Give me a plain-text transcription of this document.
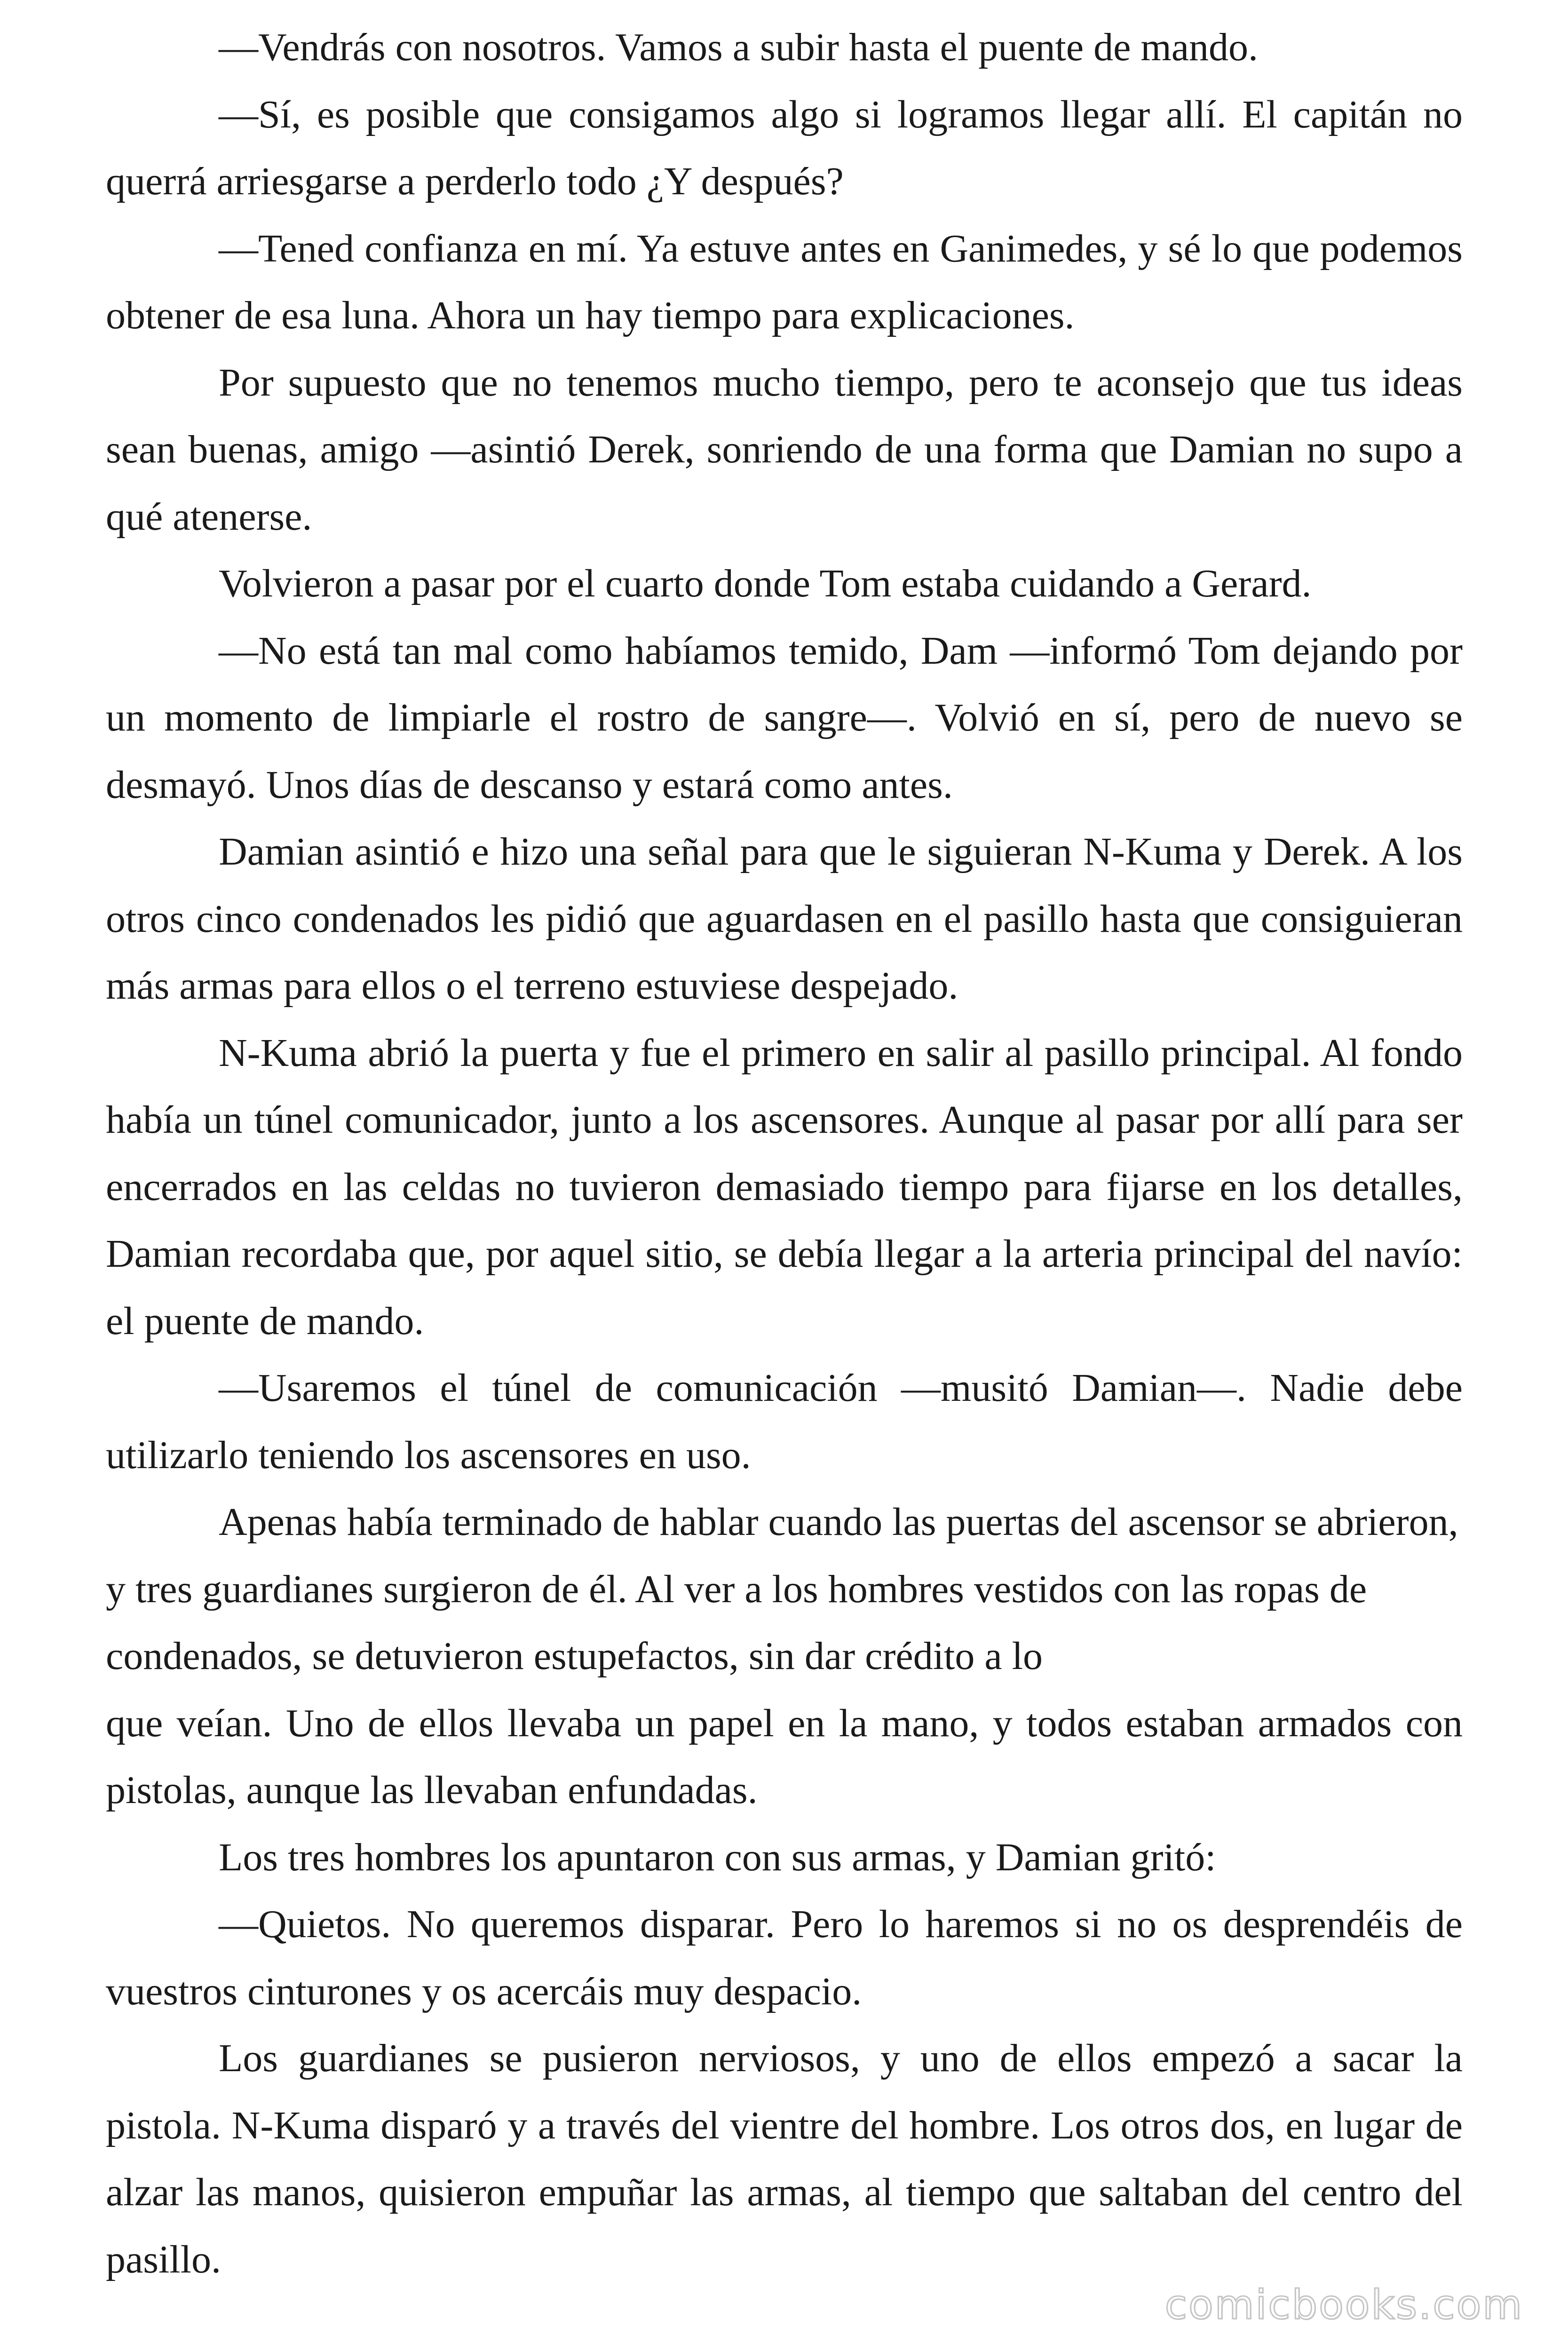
—Vendrás con nosotros. Vamos a subir hasta el puente de mando.

—Sí, es posible que consigamos algo si logramos llegar allí. El capitán no querrá arriesgarse a perderlo todo ¿Y después?

—Tened confianza en mí. Ya estuve antes en Ganimedes, y sé lo que podemos obtener de esa luna. Ahora un hay tiempo para explicaciones.

Por supuesto que no tenemos mucho tiempo, pero te aconsejo que tus ideas sean buenas, amigo —asintió Derek, sonriendo de una forma que Damian no supo a qué atenerse.

Volvieron a pasar por el cuarto donde Tom estaba cuidando a Gerard.

—No está tan mal como habíamos temido, Dam —informó Tom dejando por un momento de limpiarle el rostro de sangre—. Volvió en sí, pero de nuevo se desmayó. Unos días de descanso y estará como antes.

Damian asintió e hizo una señal para que le siguieran N-Kuma y Derek. A los otros cinco condenados les pidió que aguardasen en el pasillo hasta que consiguieran más armas para ellos o el terreno estuviese despejado.

N-Kuma abrió la puerta y fue el primero en salir al pasillo principal. Al fondo había un túnel comunicador, junto a los ascensores. Aunque al pasar por allí para ser encerrados en las celdas no tuvieron demasiado tiempo para fijarse en los detalles, Damian recordaba que, por aquel sitio, se debía llegar a la arteria principal del navío: el puente de mando.

—Usaremos el túnel de comunicación —musitó Damian—. Nadie debe utilizarlo teniendo los ascensores en uso.

Apenas había terminado de hablar cuando las puertas del ascensor se abrieron, y tres guardianes surgieron de él. Al ver a los hombres vestidos con las ropas de condenados, se detuvieron estupefactos, sin dar crédito a lo

que veían. Uno de ellos llevaba un papel en la mano, y todos estaban armados con pistolas, aunque las llevaban enfundadas.

Los tres hombres los apuntaron con sus armas, y Damian gritó:

—Quietos. No queremos disparar. Pero lo haremos si no os desprendéis de vuestros cinturones y os acercáis muy despacio.

Los guardianes se pusieron nerviosos, y uno de ellos empezó a sacar la pistola. N-Kuma disparó y a través del vientre del hombre. Los otros dos, en lugar de alzar las manos, quisieron empuñar las armas, al tiempo que saltaban del centro del pasillo.

comicbooks.com
